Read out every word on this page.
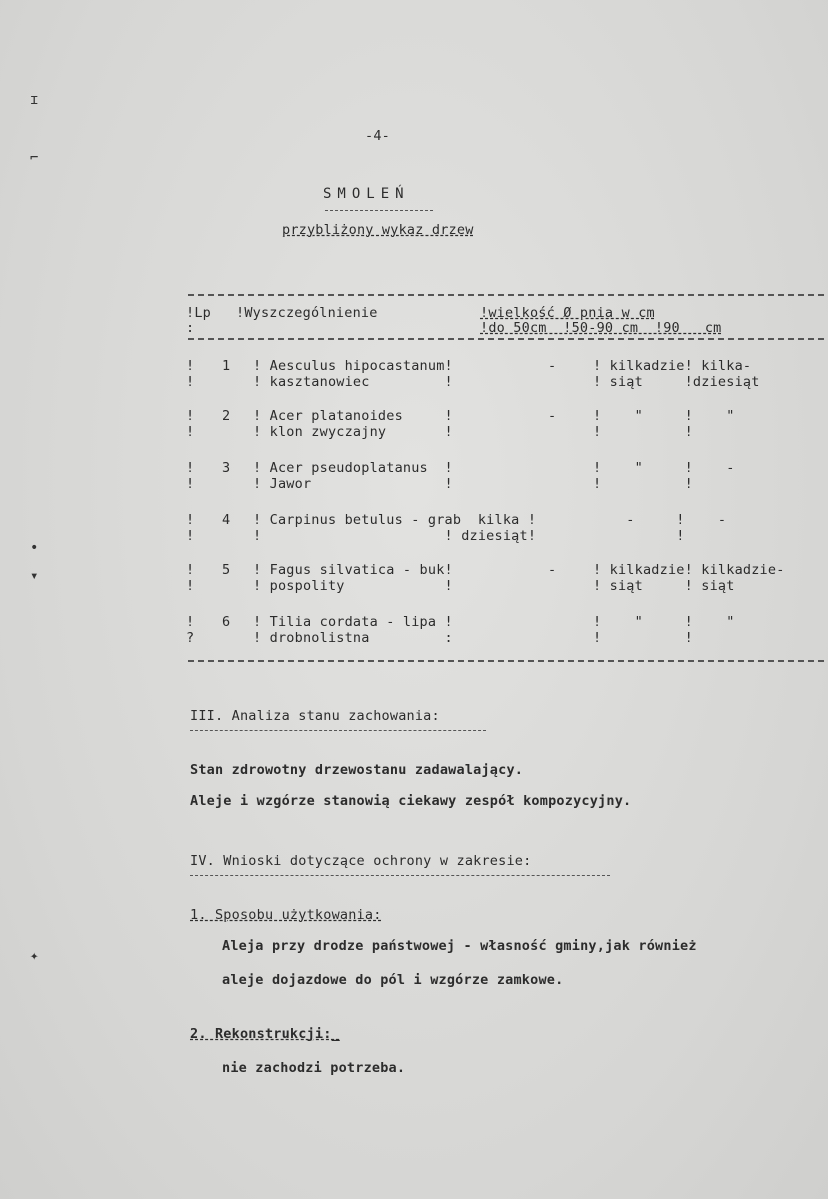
ɪ
⌐
•
▾
✦
-4-
SMOLEŃ
przybliżony wykaz drzew
!Lp !Wyszczególnienie	!wielkość Ø pnia w cm
:	!do 50cm  !50-90 cm  !90   cm
! 1 ! Aesculus hipocastanum!	-	! kilkadzie! kilka-
!	! kasztanowiec         !	! siąt     !dziesiąt
! 2 ! Acer platanoides     !	-	!    "     !    "
!	! klon zwyczajny       !	!          !
! 3 ! Acer pseudoplatanus  !	!    "     !    -
!	! Jawor                !	!          !
! 4 ! Carpinus betulus - grab  kilka !	-     !    -
!	!                      ! dziesiąt!	!
! 5 ! Fagus silvatica - buk!	-	! kilkadzie! kilkadzie-
!	! pospolity            !	! siąt     ! siąt
! 6 ! Tilia cordata - lipa !	!    "     !    "
?	! drobnolistna         :	!          !
III. Analiza stanu zachowania:
Stan zdrowotny drzewostanu zadawalający.
Aleje i wzgórze stanowią ciekawy zespół kompozycyjny.
IV. Wnioski dotyczące ochrony w zakresie:
1. Sposobu użytkowania:
Aleja przy drodze państwowej - własność gminy,jak również
aleje dojazdowe do pól i wzgórze zamkowe.
2. Rekonstrukcji:_
nie zachodzi potrzeba.
